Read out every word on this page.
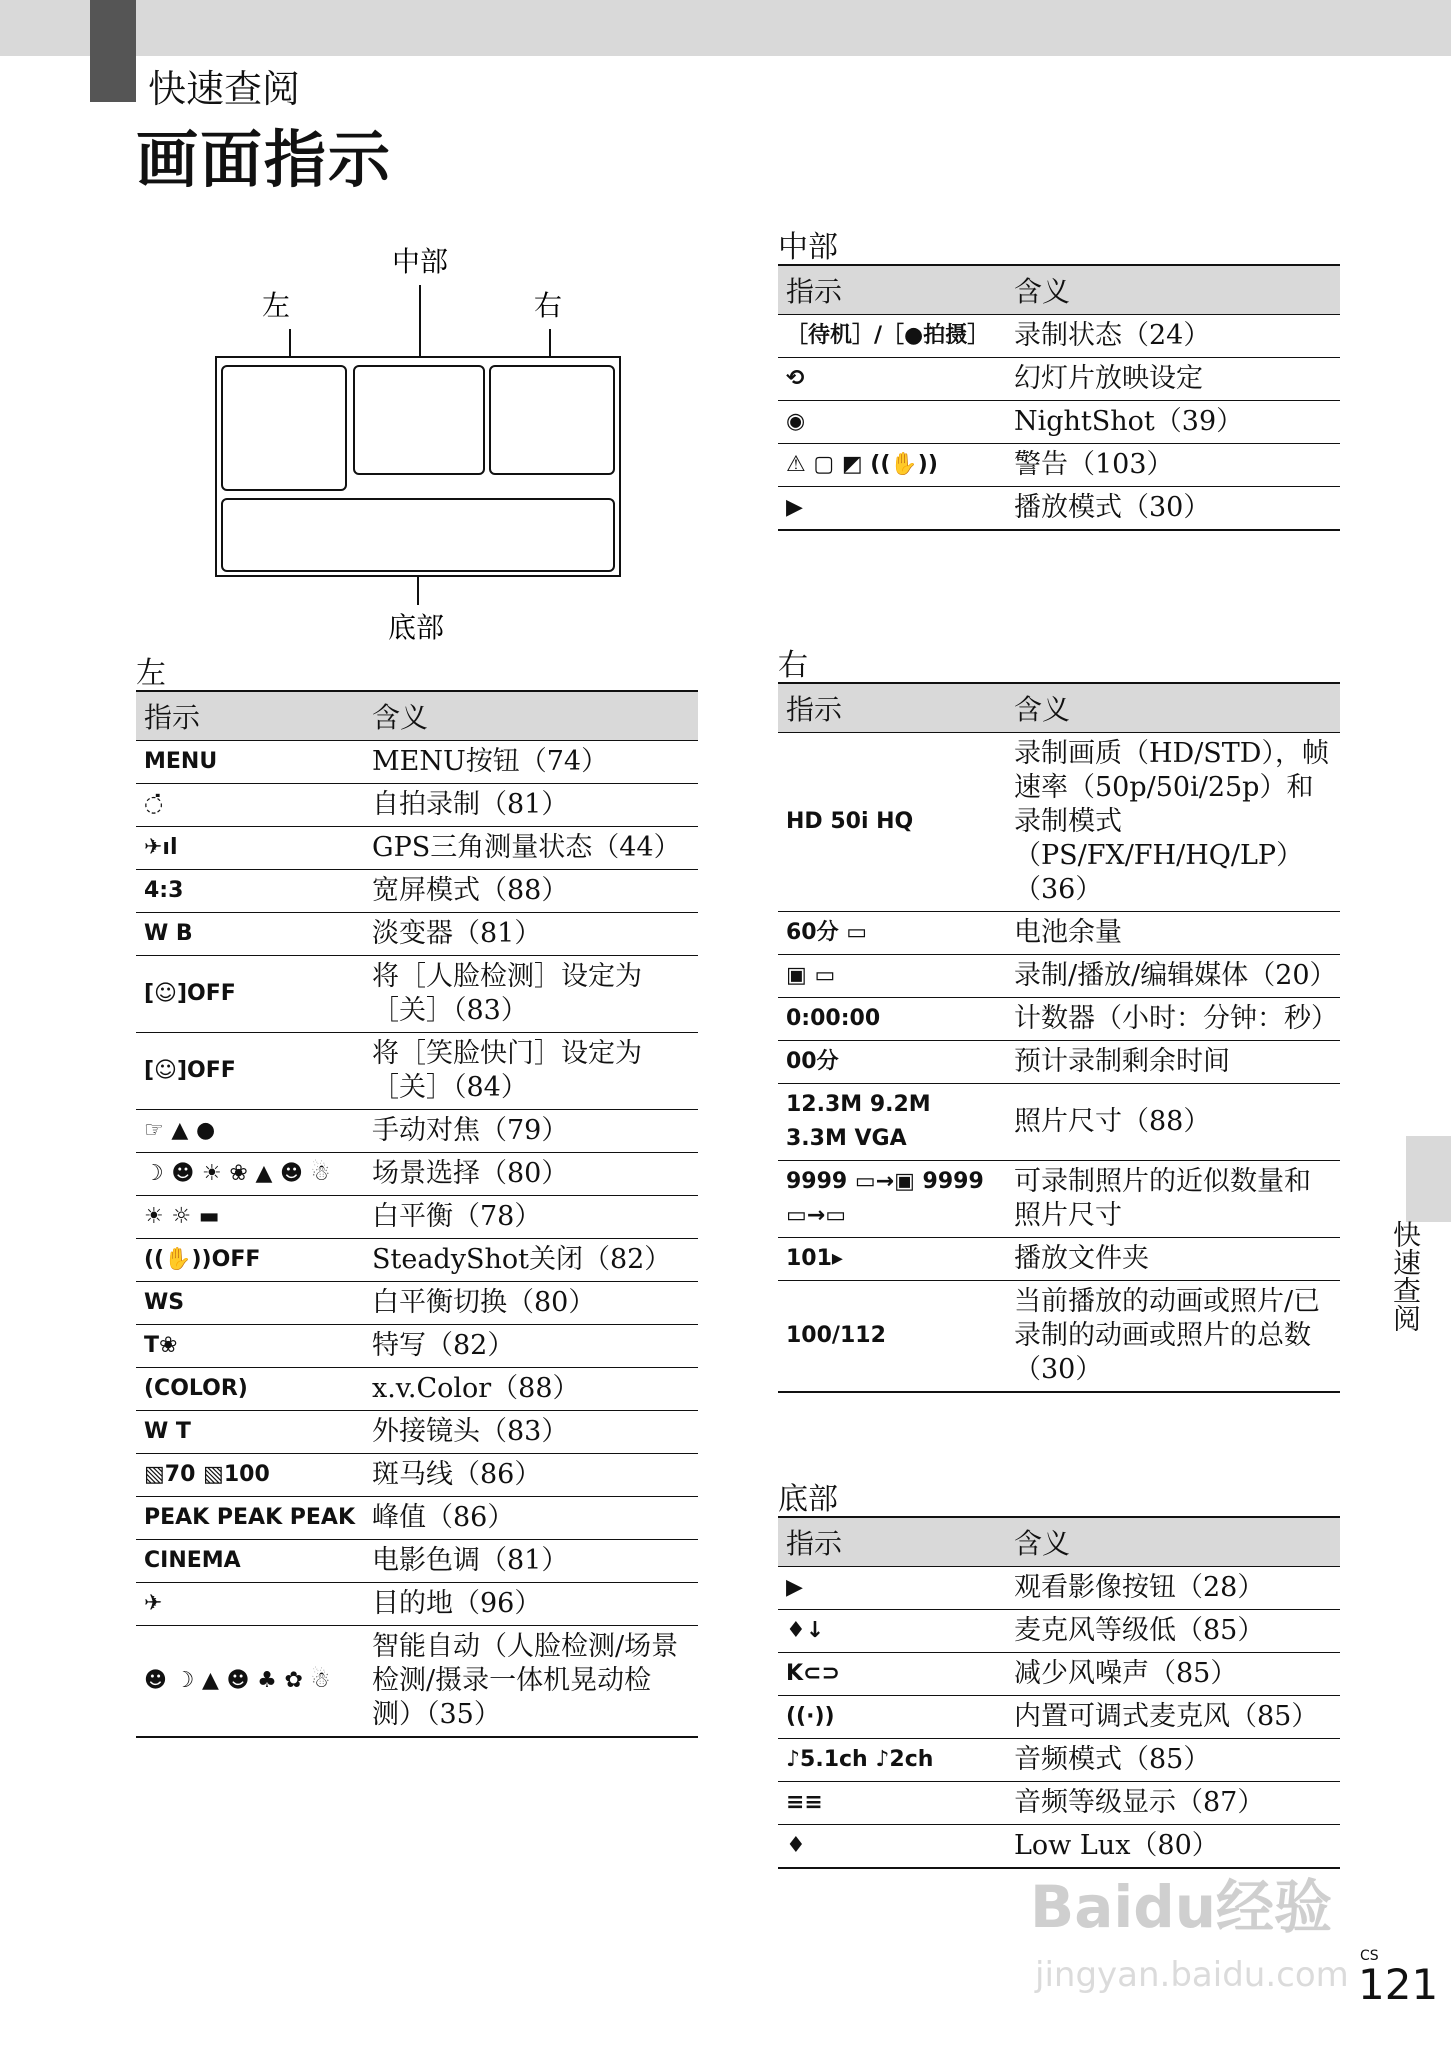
快速查阅
画面指示
中部
左	右
底部
左
指示	含义
MENU	MENU按钮（74）
◌̇	自拍录制（81）
✈ıl	GPS三角测量状态（44）
4:3	宽屏模式（88）
W B	淡变器（81）
[☺]OFF	将［人脸检测］设定为［关］（83）
[☺]OFF	将［笑脸快门］设定为［关］（84）
☞ ▲ ●	手动对焦（79）
☽ ☻ ☀ ❀ ▲ ☻ ☃	场景选择（80）
☀ ☼ ▬	白平衡（78）
((✋))OFF	SteadyShot关闭（82）
WS	白平衡切换（80）
T❀	特写（82）
(COLOR)	x.v.Color（88）
W T	外接镜头（83）
▧70 ▧100	斑马线（86）
PEAK PEAK PEAK	峰值（86）
CINEMA	电影色调（81）
✈	目的地（96）
☻ ☽ ▲ ☻ ♣ ✿ ☃	智能自动（人脸检测/场景检测/摄录一体机晃动检测）（35）
中部
指示	含义
［待机］/［●拍摄］	录制状态（24）
⟲	幻灯片放映设定
◉	NightShot（39）
⚠ ▢ ◩ ((✋))	警告（103）
▶	播放模式（30）
右
指示	含义
HD 50i HQ	录制画质（HD/STD），帧速率（50p/50i/25p）和录制模式（PS/FX/FH/HQ/LP）（36）
60分 ▭	电池余量
▣ ▭	录制/播放/编辑媒体（20）
0:00:00	计数器（小时：分钟：秒）
00分	预计录制剩余时间
12.3M 9.2M 3.3M VGA	照片尺寸（88）
9999 ▭→▣ 9999 ▭→▭	可录制照片的近似数量和照片尺寸
101▸	播放文件夹
100/112	当前播放的动画或照片/已录制的动画或照片的总数（30）
底部
指示	含义
▶	观看影像按钮（28）
♦↓	麦克风等级低（85）
K⊂⊃	减少风噪声（85）
((·))	内置可调式麦克风（85）
♪5.1ch ♪2ch	音频模式（85）
≡≡	音频等级显示（87）
♦	Low Lux（80）
快速查阅
Baidu经验
jingyan.baidu.com CS
121
